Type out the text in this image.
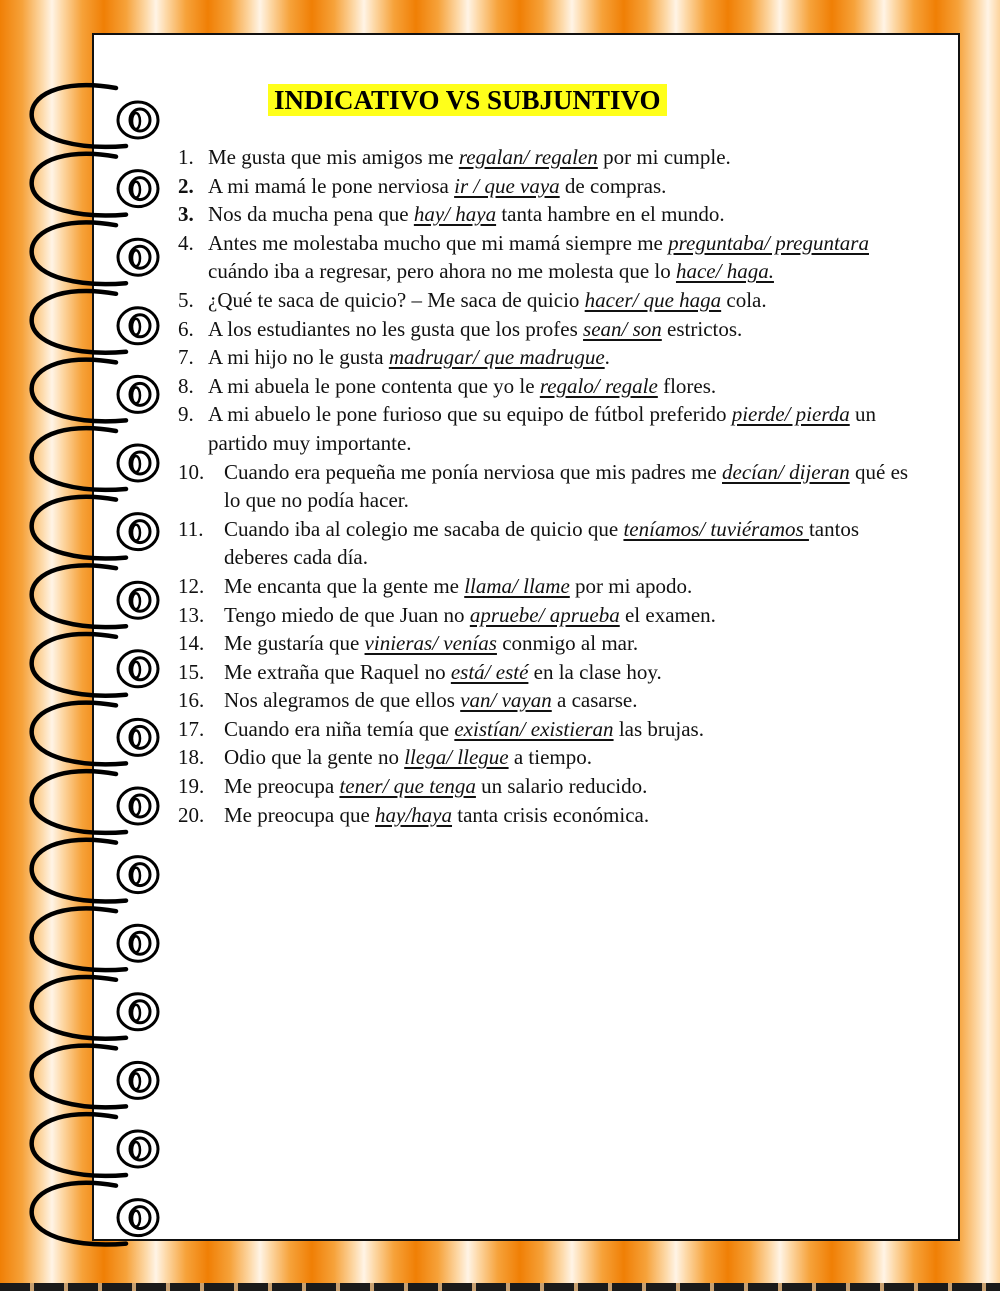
INDICATIVO VS SUBJUNTIVO
1. Me gusta que mis amigos me regalan/ regalen por mi cumple.
2. A mi mamá le pone nerviosa ir / que vaya de compras.
3. Nos da mucha pena que hay/ haya tanta hambre en el mundo.
4. Antes me molestaba mucho que mi mamá siempre me preguntaba/ preguntara cuándo iba a regresar, pero ahora no me molesta que lo hace/ haga.
5. ¿Qué te saca de quicio? – Me saca de quicio hacer/ que haga cola.
6. A los estudiantes no les gusta que los profes sean/ son estrictos.
7. A mi hijo no le gusta madrugar/ que madrugue.
8. A mi abuela le pone contenta que yo le regalo/ regale flores.
9. A mi abuelo le pone furioso que su equipo de fútbol preferido pierde/ pierda un partido muy importante.
10. Cuando era pequeña me ponía nerviosa que mis padres me decían/ dijeran qué es lo que no podía hacer.
11. Cuando iba al colegio me sacaba de quicio que teníamos/ tuviéramos tantos deberes cada día.
12. Me encanta que la gente me llama/ llame por mi apodo.
13. Tengo miedo de que Juan no apruebe/ aprueba el examen.
14. Me gustaría que vinieras/ venías conmigo al mar.
15. Me extraña que Raquel no está/ esté en la clase hoy.
16. Nos alegramos de que ellos van/ vayan a casarse.
17. Cuando era niña temía que existían/ existieran las brujas.
18. Odio que la gente no llega/ llegue a tiempo.
19. Me preocupa tener/ que tenga un salario reducido.
20. Me preocupa que hay/haya tanta crisis económica.
